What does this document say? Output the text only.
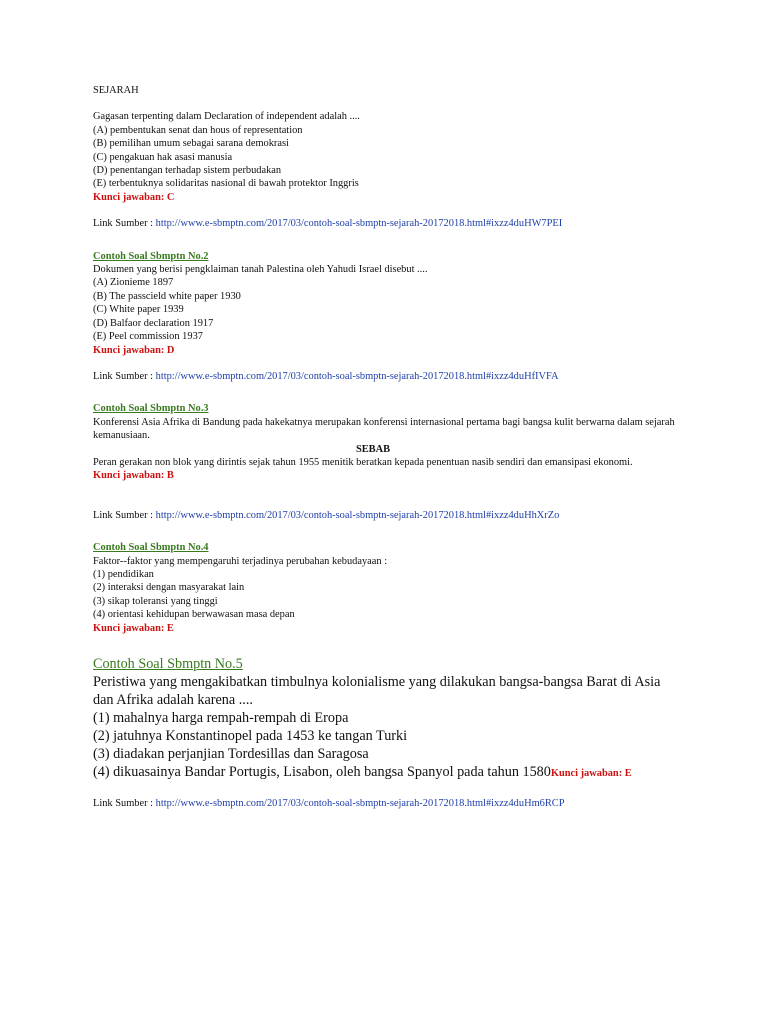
SEJARAH
Gagasan terpenting dalam Declaration of independent adalah ....
(A) pembentukan senat dan hous of representation
(B) pemilihan umum sebagai sarana demokrasi
(C) pengakuan hak asasi manusia
(D) penentangan terhadap sistem perbudakan
(E) terbentuknya solidaritas nasional di bawah protektor Inggris
Kunci jawaban: C
Link Sumber : http://www.e-sbmptn.com/2017/03/contoh-soal-sbmptn-sejarah-20172018.html#ixzz4duHW7PEI
Contoh Soal Sbmptn No.2
Dokumen yang berisi pengklaiman tanah Palestina oleh Yahudi Israel disebut ....
(A) Zionieme 1897
(B) The passcield white paper 1930
(C) White paper 1939
(D) Balfaor declaration 1917
(E) Peel commission 1937
Kunci jawaban: D
Link Sumber : http://www.e-sbmptn.com/2017/03/contoh-soal-sbmptn-sejarah-20172018.html#ixzz4duHfIVFA
Contoh Soal Sbmptn No.3
Konferensi Asia Afrika di Bandung pada hakekatnya merupakan konferensi internasional pertama bagi bangsa kulit berwarna dalam sejarah kemanusiaan.
SEBAB
Peran gerakan non blok yang dirintis sejak tahun 1955 menitik beratkan kepada penentuan nasib sendiri dan emansipasi ekonomi.
Kunci jawaban: B
Link Sumber : http://www.e-sbmptn.com/2017/03/contoh-soal-sbmptn-sejarah-20172018.html#ixzz4duHhXrZo
Contoh Soal Sbmptn No.4
Faktor--faktor yang mempengaruhi terjadinya perubahan kebudayaan :
(1) pendidikan
(2) interaksi dengan masyarakat lain
(3) sikap toleransi yang tinggi
(4) orientasi kehidupan berwawasan masa depan
Kunci jawaban: E
Contoh Soal Sbmptn No.5
Peristiwa yang mengakibatkan timbulnya kolonialisme yang dilakukan bangsa-bangsa Barat di Asia dan Afrika adalah karena ....
(1) mahalnya harga rempah-rempah di Eropa
(2) jatuhnya Konstantinopel pada 1453 ke tangan Turki
(3) diadakan perjanjian Tordesillas dan Saragosa
(4) dikuasainya Bandar Portugis, Lisabon, oleh bangsa Spanyol pada tahun 1580Kunci jawaban: E
Link Sumber : http://www.e-sbmptn.com/2017/03/contoh-soal-sbmptn-sejarah-20172018.html#ixzz4duHm6RCP
